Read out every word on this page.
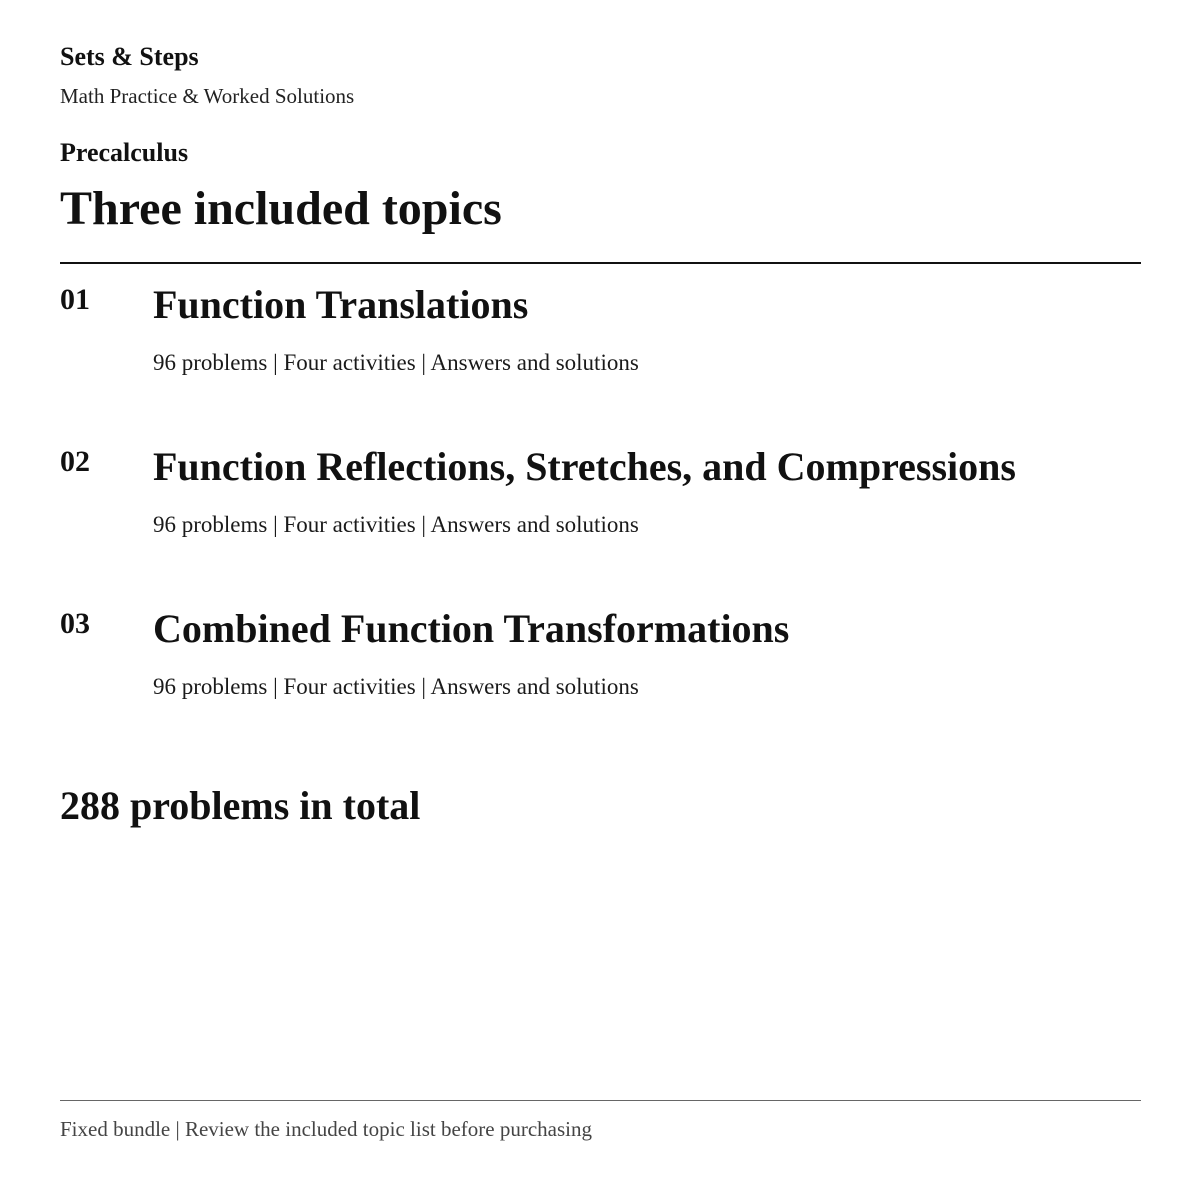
Sets & Steps
Math Practice & Worked Solutions
Precalculus
Three included topics
01 Function Translations
96 problems | Four activities | Answers and solutions
02 Function Reflections, Stretches, and Compressions
96 problems | Four activities | Answers and solutions
03 Combined Function Transformations
96 problems | Four activities | Answers and solutions
288 problems in total
Fixed bundle | Review the included topic list before purchasing
